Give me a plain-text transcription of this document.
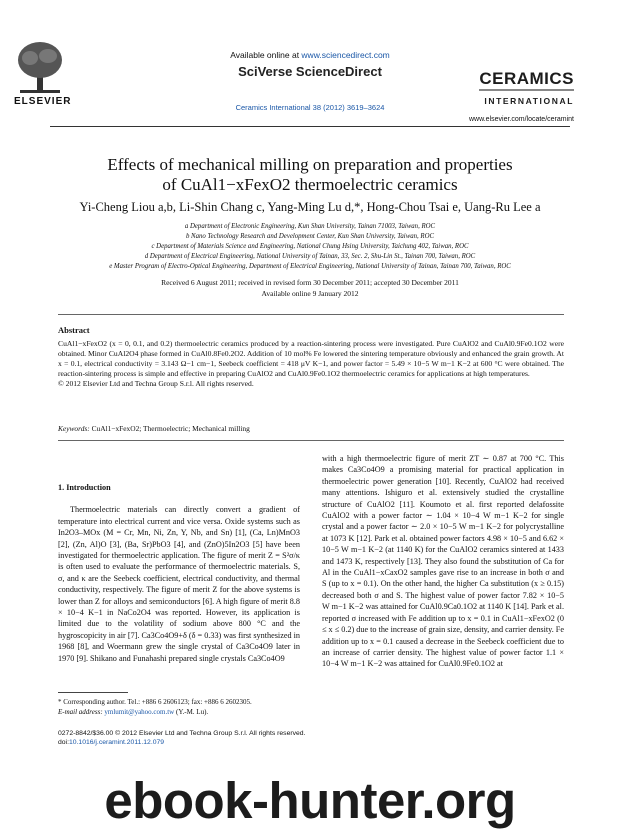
ELSEVIER
Available online at www.sciencedirect.com
SciVerse ScienceDirect
Ceramics International 38 (2012) 3619–3624
CERAMICS
INTERNATIONAL
www.elsevier.com/locate/ceramint
Effects of mechanical milling on preparation and properties
of CuAl1−xFexO2 thermoelectric ceramics
Yi-Cheng Liou a,b, Li-Shin Chang c, Yang-Ming Lu d,*, Hong-Chou Tsai e, Uang-Ru Lee a
a Department of Electronic Engineering, Kun Shan University, Tainan 71003, Taiwan, ROC
b Nano Technology Research and Development Center, Kun Shan University, Taiwan, ROC
c Department of Materials Science and Engineering, National Chung Hsing University, Taichung 402, Taiwan, ROC
d Department of Electrical Engineering, National University of Tainan, 33, Sec. 2, Shu-Lin St., Tainan 700, Taiwan, ROC
e Master Program of Electro-Optical Engineering, Department of Electrical Engineering, National University of Tainan, Tainan 700, Taiwan, ROC
Received 6 August 2011; received in revised form 30 December 2011; accepted 30 December 2011
Available online 9 January 2012
Abstract
CuAl1−xFexO2 (x = 0, 0.1, and 0.2) thermoelectric ceramics produced by a reaction-sintering process were investigated. Pure CuAlO2 and CuAl0.9Fe0.1O2 were obtained. Minor CuAl2O4 phase formed in CuAl0.8Fe0.2O2. Addition of 10 mol% Fe lowered the sintering temperature obviously and enhanced the grain growth. At x = 0.1, electrical conductivity = 3.143 Ω−1 cm−1, Seebeck coefficient = 418 μV K−1, and power factor = 5.49 × 10−5 W m−1 K−2 at 600 °C were obtained. The reaction-sintering process is simple and effective in preparing CuAlO2 and CuAl0.9Fe0.1O2 thermoelectric ceramics for applications at high temperatures.
© 2012 Elsevier Ltd and Techna Group S.r.l. All rights reserved.
Keywords: CuAl1−xFexO2; Thermoelectric; Mechanical milling
1. Introduction
Thermoelectric materials can directly convert a gradient of temperature into electrical current and vice versa. Oxide systems such as In2O3–MOx (M = Cr, Mn, Ni, Zn, Y, Nb, and Sn) [1], (Ca, Ln)MnO3 [2], (Zn, Al)O [3], (Ba, Sr)PbO3 [4], and (ZnO)5In2O3 [5] have been investigated for thermoelectric application. The figure of merit Z = S²σ/κ is often used to evaluate the performance of thermoelectric materials. S, σ, and κ are the Seebeck coefficient, electrical conductivity, and thermal conductivity, respectively. The figure of merit Z for the above systems is lower than Z for alloys and semiconductors [6]. A high figure of merit 8.8 × 10−4 K−1 in NaCo2O4 was reported. However, its application is limited due to the volatility of sodium above 800 °C and the hygroscopicity in air [7]. Ca3Co4O9+δ (δ = 0.33) was first synthesized in 1968 [8], and Woermann grew the single crystal of Ca3Co4O9 later in 1970 [9]. Shikano and Funahashi prepared single crystals Ca3Co4O9
with a high thermoelectric figure of merit ZT ∼ 0.87 at 700 °C. This makes Ca3Co4O9 a promising material for practical application in thermoelectric power generation [10]. Recently, CuAlO2 had received many attentions. Ishiguro et al. extensively studied the crystalline structure of CuAlO2 [11]. Koumoto et al. first reported delafossite CuAlO2 with a power factor ∼ 1.04 × 10−4 W m−1 K−2 for single crystal and a power factor ∼ 2.0 × 10−5 W m−1 K−2 for polycrystalline at 1073 K [12]. Park et al. obtained power factors 4.98 × 10−5 and 6.62 × 10−5 W m−1 K−2 (at 1140 K) for the CuAlO2 ceramics sintered at 1433 and 1473 K, respectively [13]. They also found the substitution of Ca for Al in the CuAl1−xCaxO2 samples gave rise to an increase in both σ and S (up to x = 0.1). On the other hand, the higher Ca substitution (x ≥ 0.15) decreased both σ and S. The highest value of power factor 7.82 × 10−5 W m−1 K−2 was attained for CuAl0.9Ca0.1O2 at 1140 K [14]. Park et al. reported σ increased with Fe addition up to x = 0.1 in CuAl1−xFexO2 (0 ≤ x ≤ 0.2) due to the increase of grain size, density, and carrier density. Fe addition up to x = 0.1 caused a decrease in the Seebeck coefficient due to an increase of carrier density. The highest value of power factor 1.1 × 10−4 W m−1 K−2 was attained for CuAl0.9Fe0.1O2 at
* Corresponding author. Tel.: +886 6 2606123; fax: +886 6 2602305.
E-mail address: ymlumit@yahoo.com.tw (Y.-M. Lu).
0272-8842/$36.00 © 2012 Elsevier Ltd and Techna Group S.r.l. All rights reserved.
doi:10.1016/j.ceramint.2011.12.079
ebook-hunter.org
